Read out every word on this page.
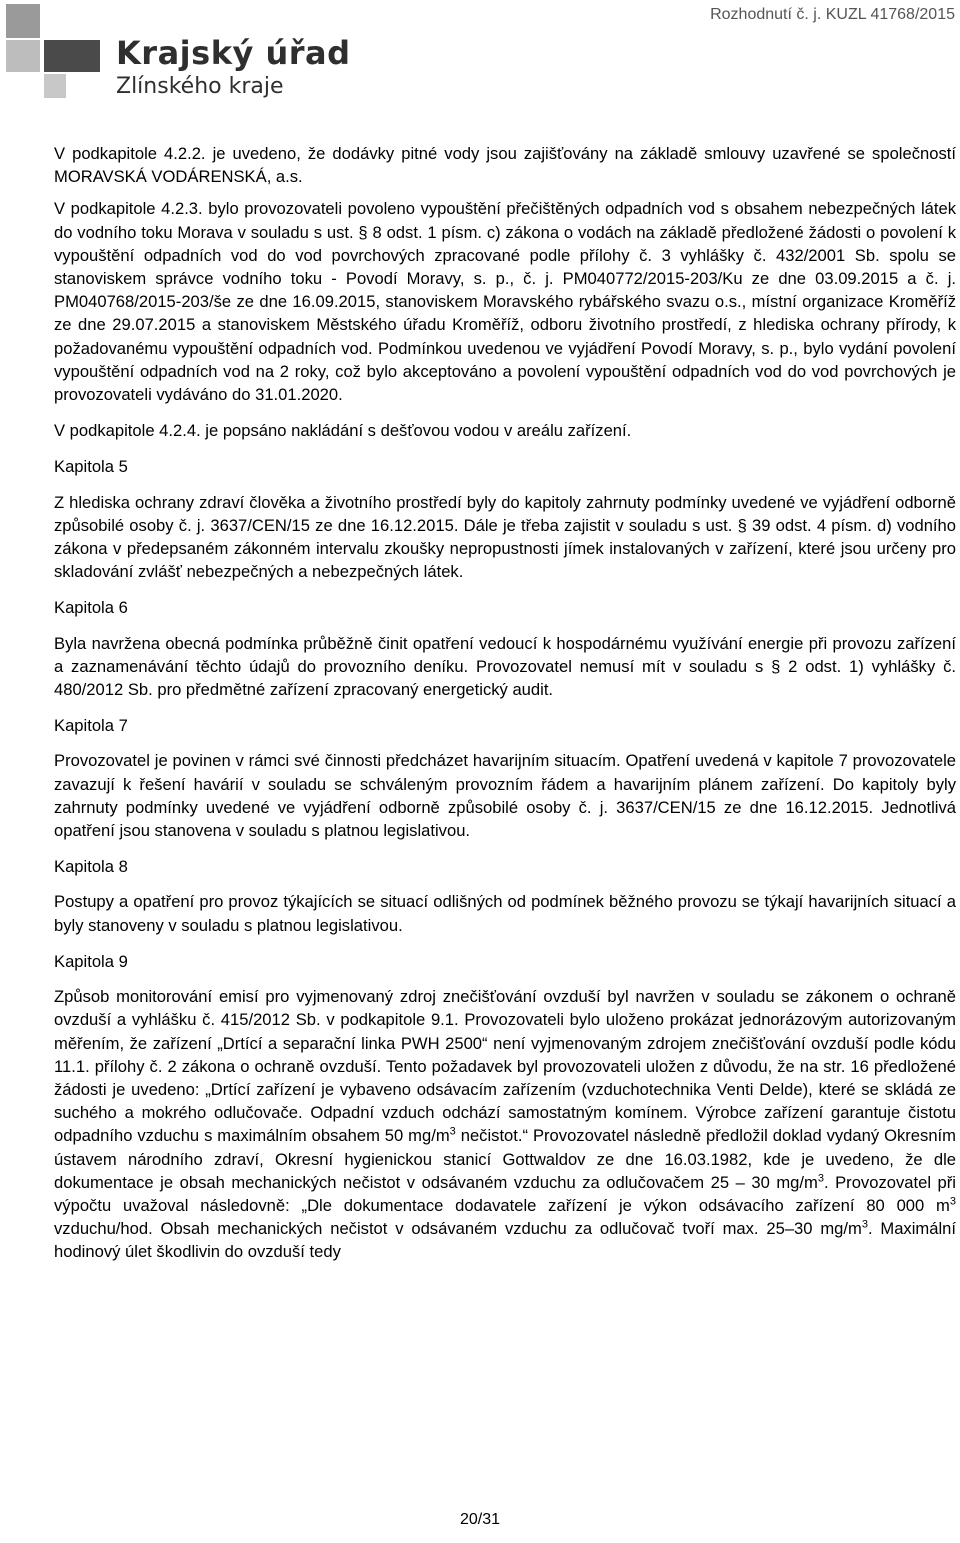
Krajský úřad
Zlínského kraje
Rozhodnutí č. j. KUZL 41768/2015

V podkapitole 4.2.2. je uvedeno, že dodávky pitné vody jsou zajišťovány na základě smlouvy uzavřené se společností MORAVSKÁ VODÁRENSKÁ, a.s.

V podkapitole 4.2.3. bylo provozovateli povoleno vypouštění přečištěných odpadních vod s obsahem nebezpečných látek do vodního toku Morava v souladu s ust. § 8 odst. 1 písm. c) zákona o vodách na základě předložené žádosti o povolení k vypouštění odpadních vod do vod povrchových zpracované podle přílohy č. 3 vyhlášky č. 432/2001 Sb. spolu se stanoviskem správce vodního toku - Povodí Moravy, s. p., č. j. PM040772/2015-203/Ku ze dne 03.09.2015 a č. j. PM040768/2015-203/še ze dne 16.09.2015, stanoviskem Moravského rybářského svazu o.s., místní organizace Kroměříž ze dne 29.07.2015 a stanoviskem Městského úřadu Kroměříž, odboru životního prostředí, z hlediska ochrany přírody, k požadovanému vypouštění odpadních vod. Podmínkou uvedenou ve vyjádření Povodí Moravy, s. p., bylo vydání povolení vypouštění odpadních vod na 2 roky, což bylo akceptováno a povolení vypouštění odpadních vod do vod povrchových je provozovateli vydáváno do 31.01.2020.

V podkapitole 4.2.4. je popsáno nakládání s dešťovou vodou v areálu zařízení.

Kapitola 5

Z hlediska ochrany zdraví člověka a životního prostředí byly do kapitoly zahrnuty podmínky uvedené ve vyjádření odborně způsobilé osoby č. j. 3637/CEN/15 ze dne 16.12.2015. Dále je třeba zajistit v souladu s ust. § 39 odst. 4 písm. d) vodního zákona v předepsaném zákonném intervalu zkoušky nepropustnosti jímek instalovaných v zařízení, které jsou určeny pro skladování zvlášť nebezpečných a nebezpečných látek.

Kapitola 6

Byla navržena obecná podmínka průběžně činit opatření vedoucí k hospodárnému využívání energie při provozu zařízení a zaznamenávání těchto údajů do provozního deníku. Provozovatel nemusí mít v souladu s § 2 odst. 1) vyhlášky č. 480/2012 Sb. pro předmětné zařízení zpracovaný energetický audit.

Kapitola 7

Provozovatel je povinen v rámci své činnosti předcházet havarijním situacím. Opatření uvedená v kapitole 7 provozovatele zavazují k řešení havárií v souladu se schváleným provozním řádem a havarijním plánem zařízení. Do kapitoly byly zahrnuty podmínky uvedené ve vyjádření odborně způsobilé osoby č. j. 3637/CEN/15 ze dne 16.12.2015. Jednotlivá opatření jsou stanovena v souladu s platnou legislativou.

Kapitola 8

Postupy a opatření pro provoz týkajících se situací odlišných od podmínek běžného provozu se týkají havarijních situací a byly stanoveny v souladu s platnou legislativou.

Kapitola 9

Způsob monitorování emisí pro vyjmenovaný zdroj znečišťování ovzduší byl navržen v souladu se zákonem o ochraně ovzduší a vyhlášku č. 415/2012 Sb. v podkapitole 9.1. Provozovateli bylo uloženo prokázat jednorázovým autorizovaným měřením, že zařízení „Drtící a separační linka PWH 2500“ není vyjmenovaným zdrojem znečišťování ovzduší podle kódu 11.1. přílohy č. 2 zákona o ochraně ovzduší. Tento požadavek byl provozovateli uložen z důvodu, že na str. 16 předložené žádosti je uvedeno: „Drtící zařízení je vybaveno odsávacím zařízením (vzduchotechnika Venti Delde), které se skládá ze suchého a mokrého odlučovače. Odpadní vzduch odchází samostatným komínem. Výrobce zařízení garantuje čistotu odpadního vzduchu s maximálním obsahem 50 $mg/m^3$ nečistot.“ Provozovatel následně předložil doklad vydaný Okresním ústavem národního zdraví, Okresní hygienickou stanicí Gottwaldov ze dne 16.03.1982, kde je uvedeno, že dle dokumentace je obsah mechanických nečistot v odsávaném vzduchu za odlučovačem 25 – 30 $mg/m^3$. Provozovatel při výpočtu uvažoval následovně: „Dle dokumentace dodavatele zařízení je výkon odsávacího zařízení 80 000 $m^3$ vzduchu/hod. Obsah mechanických nečistot v odsávaném vzduchu za odlučovač tvoří max. 25–30 $mg/m^3$. Maximální hodinový úlet škodlivin do ovzduší tedy

20/31
